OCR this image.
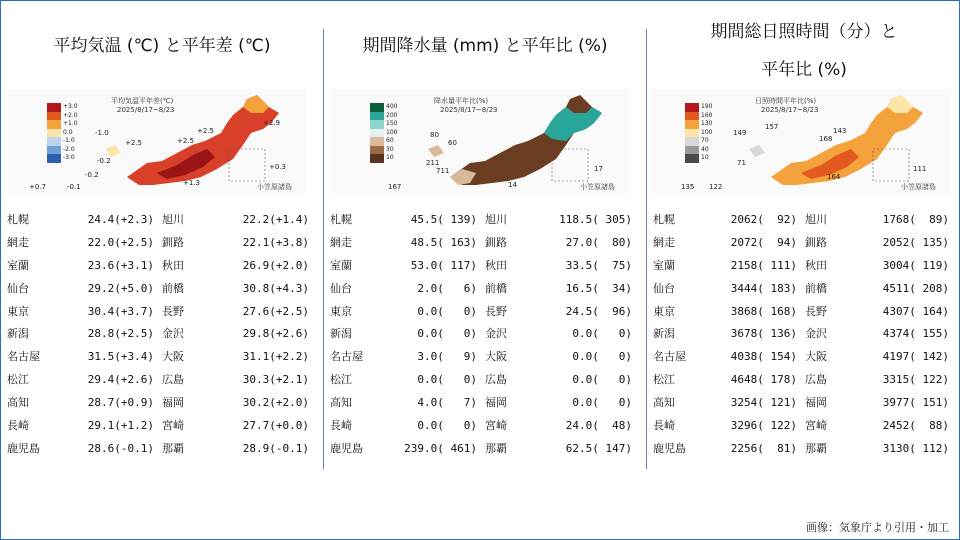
平均気温 (℃) と平年差 (℃)
+3.0
+2.0
+1.0
0.0
-1.0
-2.0
-3.0
平均気温平年差(℃)
2025/8/17~8/23
+2.9
+2.5
+2.5
+2.5
-1.0
-0.2
-0.2
+1.3
-0.1
+0.7
+0.3
小笠原諸島
札幌	24.4(+2.3) 旭川	22.2(+1.4)
網走	22.0(+2.5) 釧路	22.1(+3.8)
室蘭	23.6(+3.1) 秋田	26.9(+2.0)
仙台	29.2(+5.0) 前橋	30.8(+4.3)
東京	30.4(+3.7) 長野	27.6(+2.5)
新潟	28.8(+2.5) 金沢	29.8(+2.6)
名古屋	31.5(+3.4) 大阪	31.1(+2.2)
松江	29.4(+2.6) 広島	30.3(+2.1)
高知	28.7(+0.9) 福岡	30.2(+2.0)
長崎	29.1(+1.2) 宮崎	27.7(+0.0)
鹿児島	28.6(-0.1) 那覇	28.9(-0.1)
期間降水量 (mm) と平年比 (%)
400
200
150
100
60
30
10
降水量平年比(%)
2025/8/17~8/23
211
711
60
80
17
14
167	小笠原諸島
札幌	45.5( 139) 旭川	118.5( 305)
網走	48.5( 163) 釧路	27.0(  80)
室蘭	53.0( 117) 秋田	33.5(  75)
仙台	2.0(   6) 前橋	16.5(  34)
東京	0.0(   0) 長野	24.5(  96)
新潟	0.0(   0) 金沢	0.0(   0)
名古屋	3.0(   9) 大阪	0.0(   0)
松江	0.0(   0) 広島	0.0(   0)
高知	4.0(   7) 福岡	0.0(   0)
長崎	0.0(   0) 宮崎	24.0(  48)
鹿児島	239.0( 461) 那覇	62.5( 147)
期間総日照時間（分）と
平年比 (%)
190
160
130
100
70
40
10
日照時間平年比(%)
2025/8/17~8/23
149
157
168
111
164
71
135 122
143
小笠原諸島
札幌	2062(  92) 旭川	1768(  89)
網走	2072(  94) 釧路	2052( 135)
室蘭	2158( 111) 秋田	3004( 119)
仙台	3444( 183) 前橋	4511( 208)
東京	3868( 168) 長野	4307( 164)
新潟	3678( 136) 金沢	4374( 155)
名古屋	4038( 154) 大阪	4197( 142)
松江	4648( 178) 広島	3315( 122)
高知	3254( 121) 福岡	3977( 151)
長崎	3296( 122) 宮崎	2452(  88)
鹿児島	2256(  81) 那覇	3130( 112)
画像：気象庁より引用・加工
